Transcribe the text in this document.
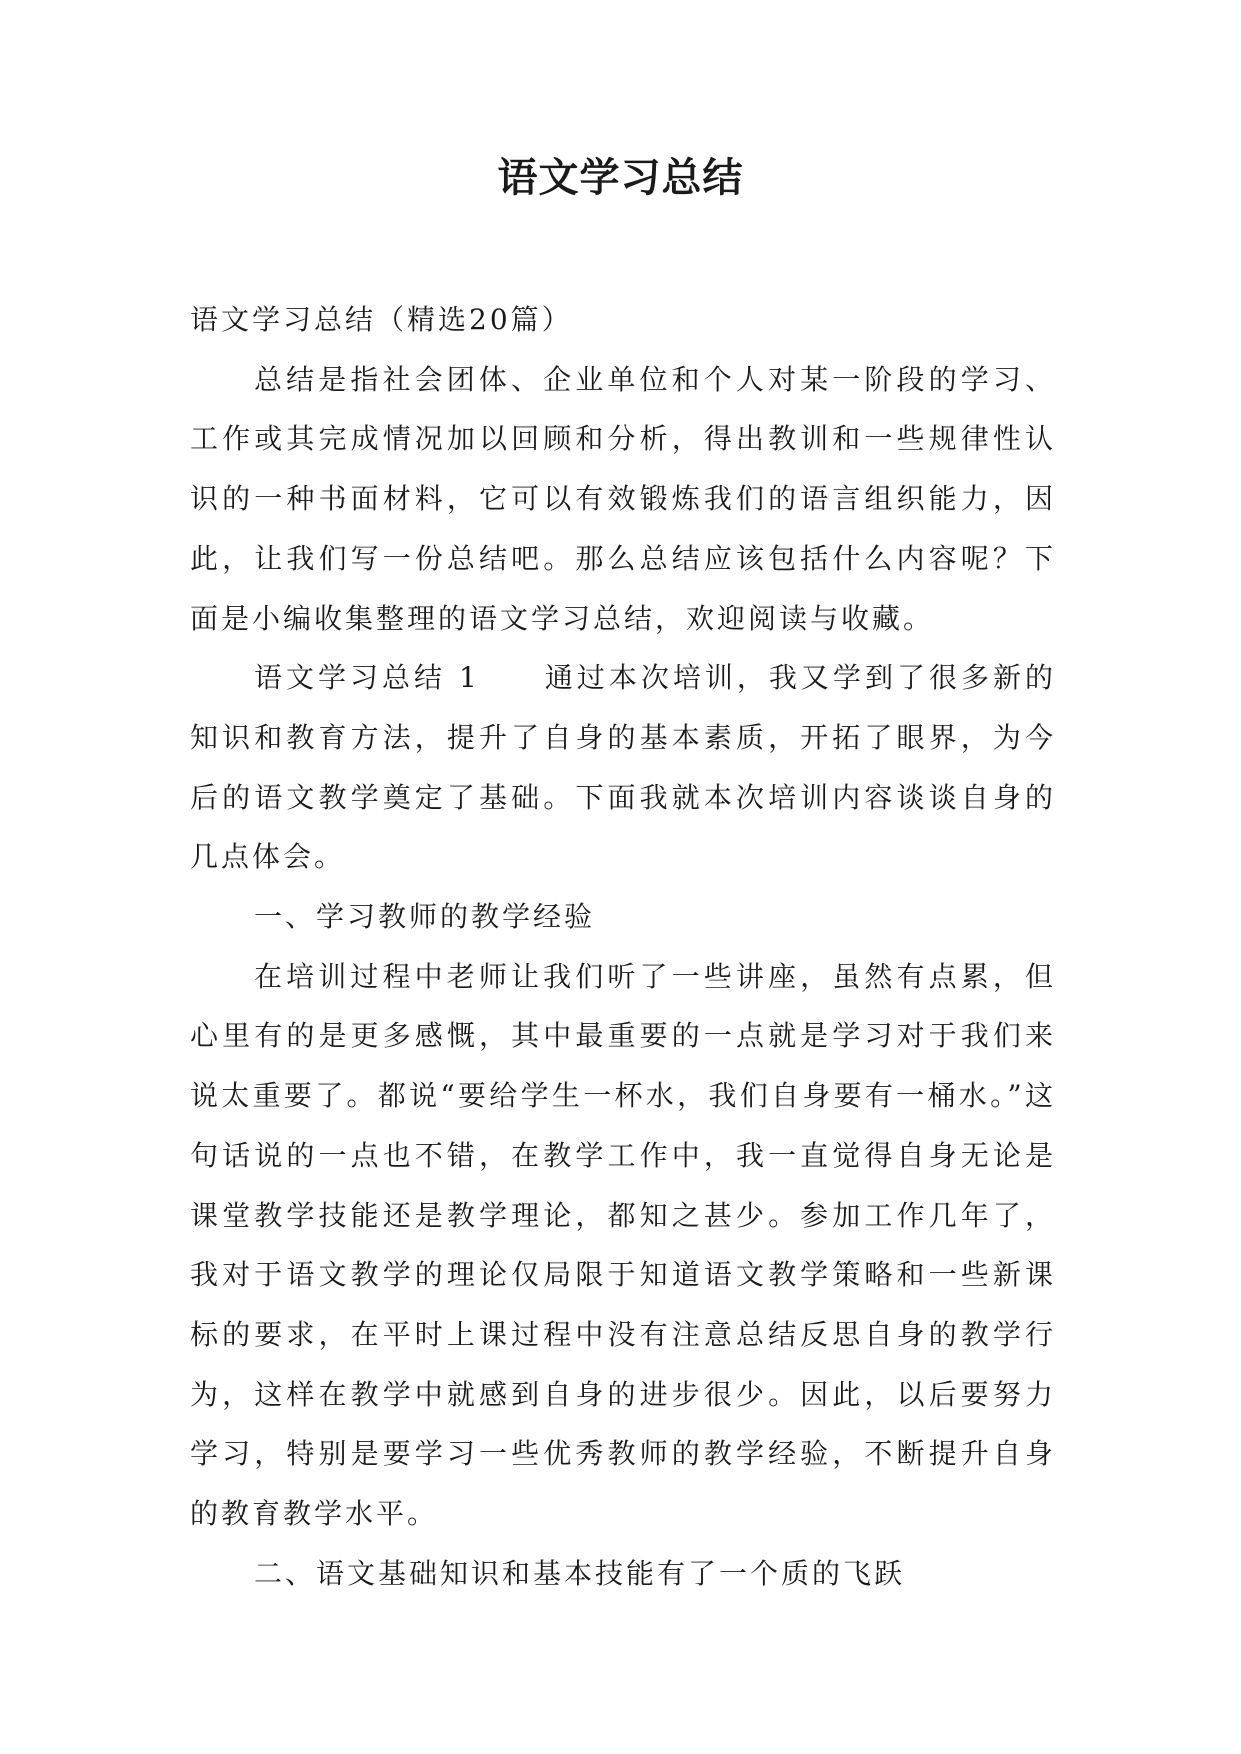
语文学习总结

语文学习总结（精选20篇）

总结是指社会团体、企业单位和个人对某一阶段的学习、工作或其完成情况加以回顾和分析，得出教训和一些规律性认识的一种书面材料，它可以有效锻炼我们的语言组织能力，因此，让我们写一份总结吧。那么总结应该包括什么内容呢？下面是小编收集整理的语文学习总结，欢迎阅读与收藏。

语文学习总结 1　　通过本次培训，我又学到了很多新的知识和教育方法，提升了自身的基本素质，开拓了眼界，为今后的语文教学奠定了基础。下面我就本次培训内容谈谈自身的几点体会。

一、学习教师的教学经验

在培训过程中老师让我们听了一些讲座，虽然有点累，但心里有的是更多感慨，其中最重要的一点就是学习对于我们来说太重要了。都说“要给学生一杯水，我们自身要有一桶水。”这句话说的一点也不错，在教学工作中，我一直觉得自身无论是课堂教学技能还是教学理论，都知之甚少。参加工作几年了，我对于语文教学的理论仅局限于知道语文教学策略和一些新课标的要求，在平时上课过程中没有注意总结反思自身的教学行为，这样在教学中就感到自身的进步很少。因此，以后要努力学习，特别是要学习一些优秀教师的教学经验，不断提升自身的教育教学水平。

二、语文基础知识和基本技能有了一个质的飞跃
